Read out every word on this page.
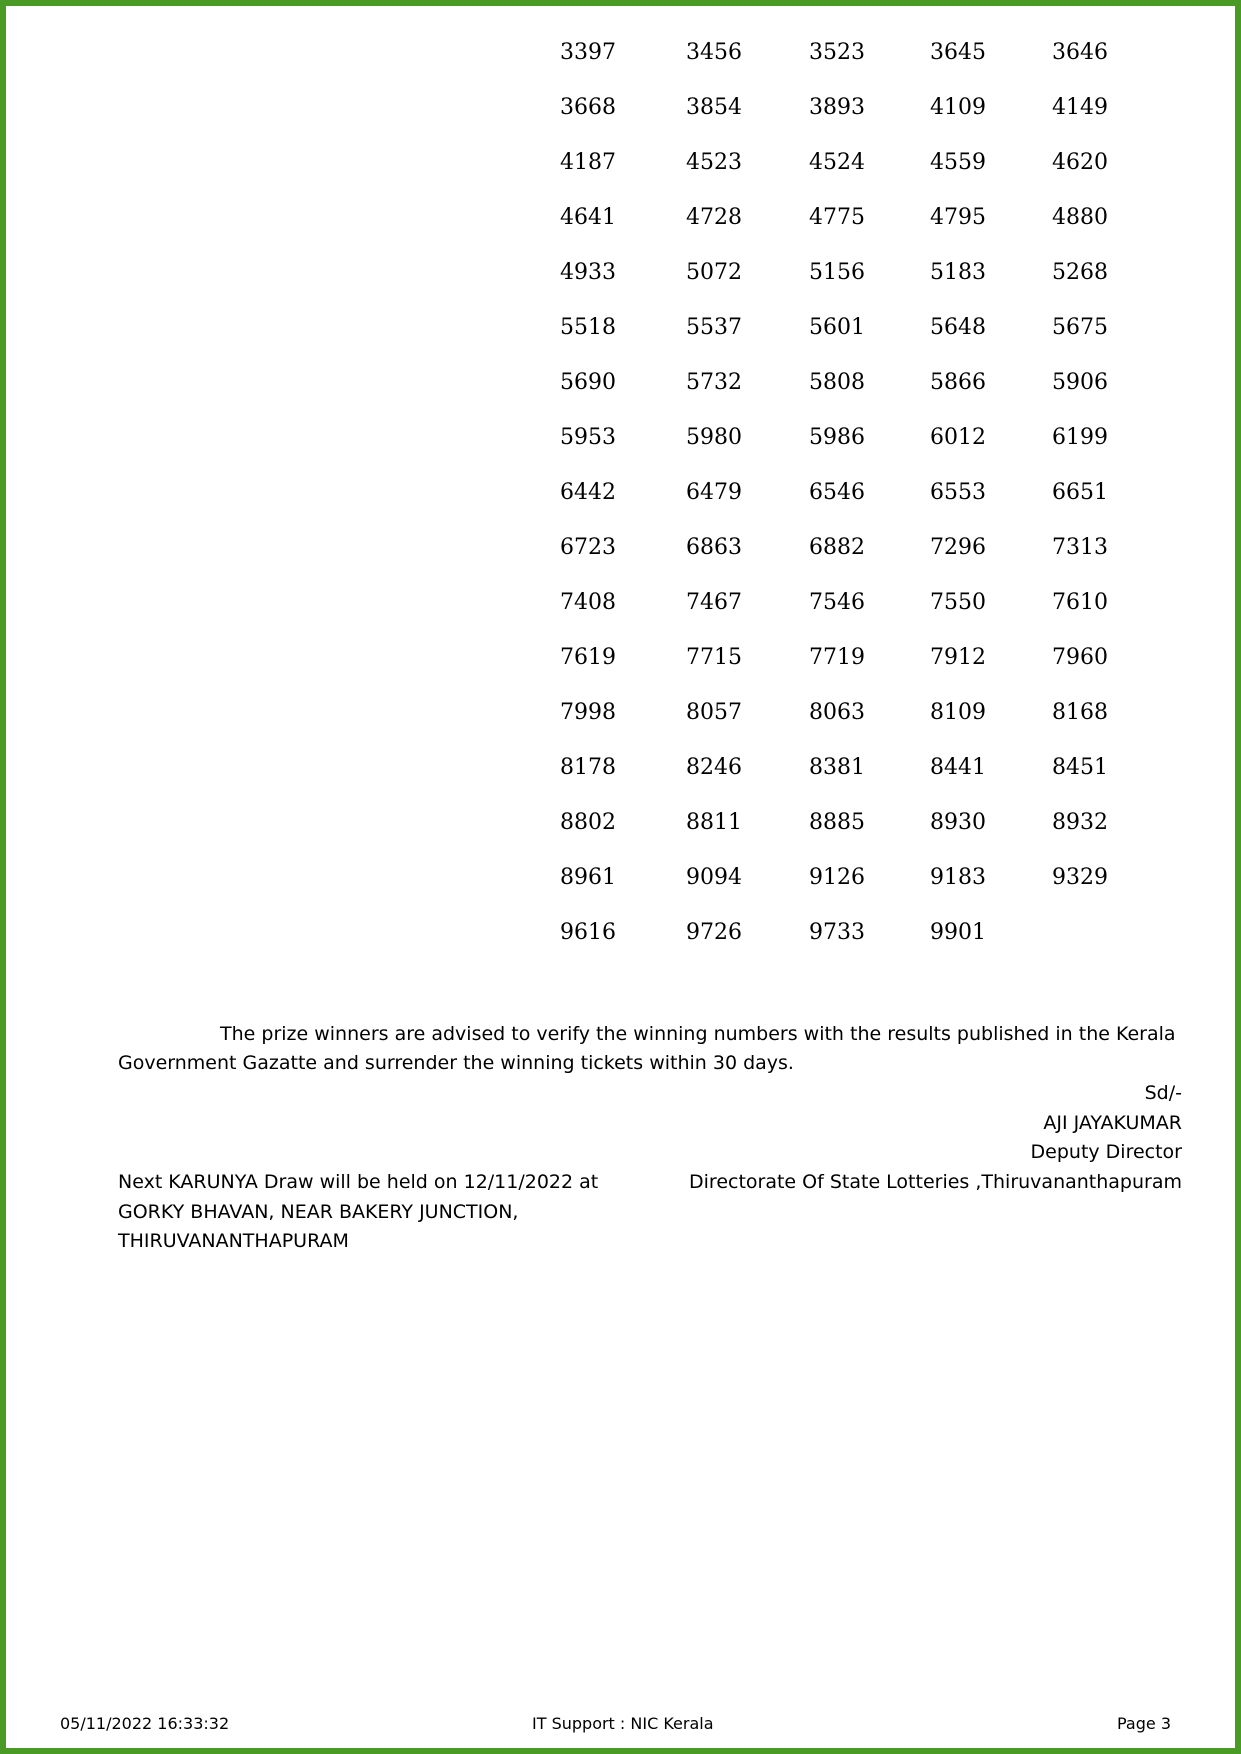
3397	3456	3523	3645	3646
3668	3854	3893	4109	4149
4187	4523	4524	4559	4620
4641	4728	4775	4795	4880
4933	5072	5156	5183	5268
5518	5537	5601	5648	5675
5690	5732	5808	5866	5906
5953	5980	5986	6012	6199
6442	6479	6546	6553	6651
6723	6863	6882	7296	7313
7408	7467	7546	7550	7610
7619	7715	7719	7912	7960
7998	8057	8063	8109	8168
8178	8246	8381	8441	8451
8802	8811	8885	8930	8932
8961	9094	9126	9183	9329
9616	9726	9733	9901	
The prize winners are advised to verify the winning numbers with the results published in the Kerala
Government Gazatte and surrender the winning tickets within 30 days.
Sd/-
AJI JAYAKUMAR
Deputy Director
Directorate Of State Lotteries ,Thiruvananthapuram
Next KARUNYA Draw will be held on 12/11/2022 at
GORKY BHAVAN, NEAR BAKERY JUNCTION,
THIRUVANANTHAPURAM
05/11/2022 16:33:32	IT Support : NIC Kerala	Page 3
